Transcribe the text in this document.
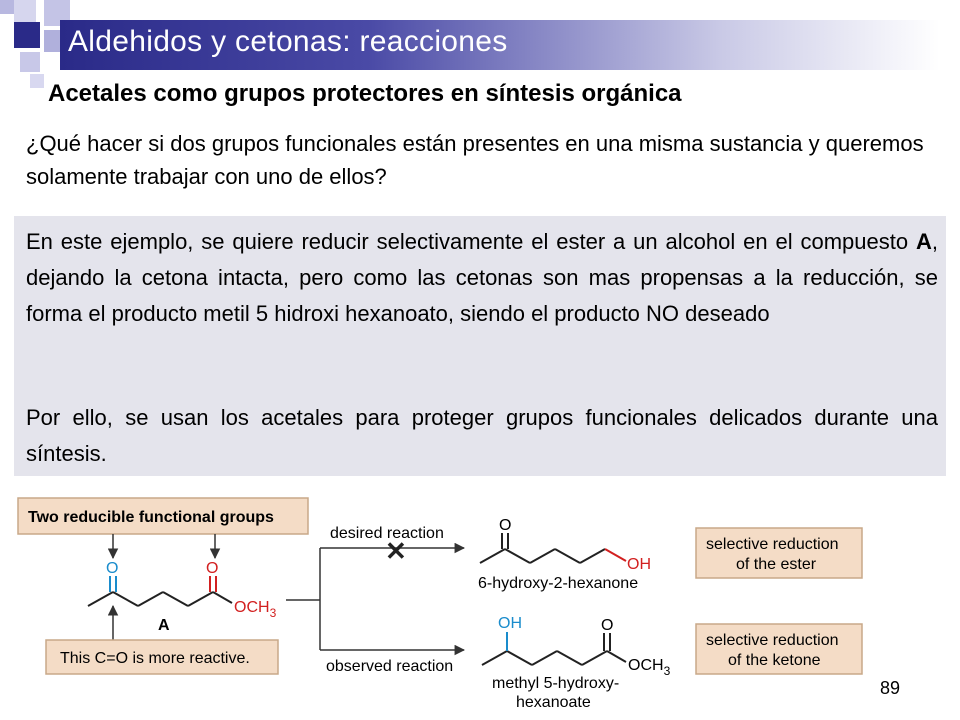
Aldehidos y cetonas: reacciones
Acetales como grupos protectores en síntesis orgánica
¿Qué hacer si dos grupos funcionales están presentes en una misma sustancia y queremos solamente trabajar con uno de ellos?
En este ejemplo, se quiere reducir selectivamente el ester a un alcohol en el compuesto A, dejando la cetona intacta, pero como las cetonas son mas propensas a la reducción, se forma el producto metil 5 hidroxi hexanoato, siendo el producto NO deseado
Por ello, se usan los acetales para proteger grupos funcionales delicados durante una síntesis.
Two reducible functional groups
O	O
$OCH_3$
A
This C=O is more reactive.
desired reaction
✕
observed reaction
O
OH
6-hydroxy-2-hexanone
OH	O
$OCH_3$
methyl 5-hydroxy-
hexanoate
selective reduction
of the ester
selective reduction
of the ketone
89
